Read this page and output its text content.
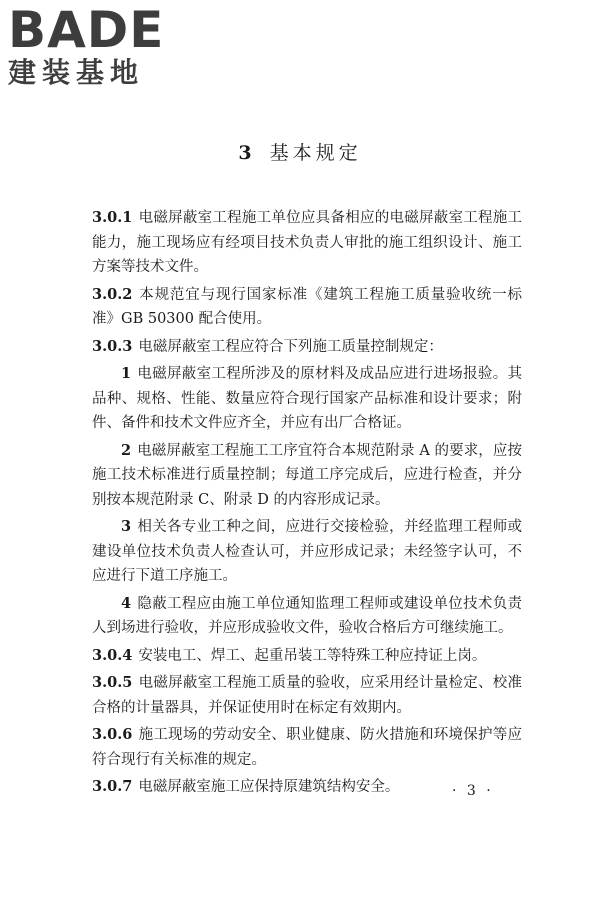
BADE
建装基地
3 基本规定

3.0.1 电磁屏蔽室工程施工单位应具备相应的电磁屏蔽室工程施工能力，施工现场应有经项目技术负责人审批的施工组织设计、施工方案等技术文件。

3.0.2 本规范宜与现行国家标准《建筑工程施工质量验收统一标准》GB 50300 配合使用。

3.0.3 电磁屏蔽室工程应符合下列施工质量控制规定：

1 电磁屏蔽室工程所涉及的原材料及成品应进行进场报验。其品种、规格、性能、数量应符合现行国家产品标准和设计要求；附件、备件和技术文件应齐全，并应有出厂合格证。

2 电磁屏蔽室工程施工工序宜符合本规范附录 A 的要求，应按施工技术标准进行质量控制；每道工序完成后，应进行检查，并分别按本规范附录 C、附录 D 的内容形成记录。

3 相关各专业工种之间，应进行交接检验，并经监理工程师或建设单位技术负责人检查认可，并应形成记录；未经签字认可，不应进行下道工序施工。

4 隐蔽工程应由施工单位通知监理工程师或建设单位技术负责人到场进行验收，并应形成验收文件，验收合格后方可继续施工。

3.0.4 安装电工、焊工、起重吊装工等特殊工种应持证上岗。

3.0.5 电磁屏蔽室工程施工质量的验收，应采用经计量检定、校准合格的计量器具，并保证使用时在标定有效期内。

3.0.6 施工现场的劳动安全、职业健康、防火措施和环境保护等应符合现行有关标准的规定。

3.0.7 电磁屏蔽室施工应保持原建筑结构安全。	· 3 ·
